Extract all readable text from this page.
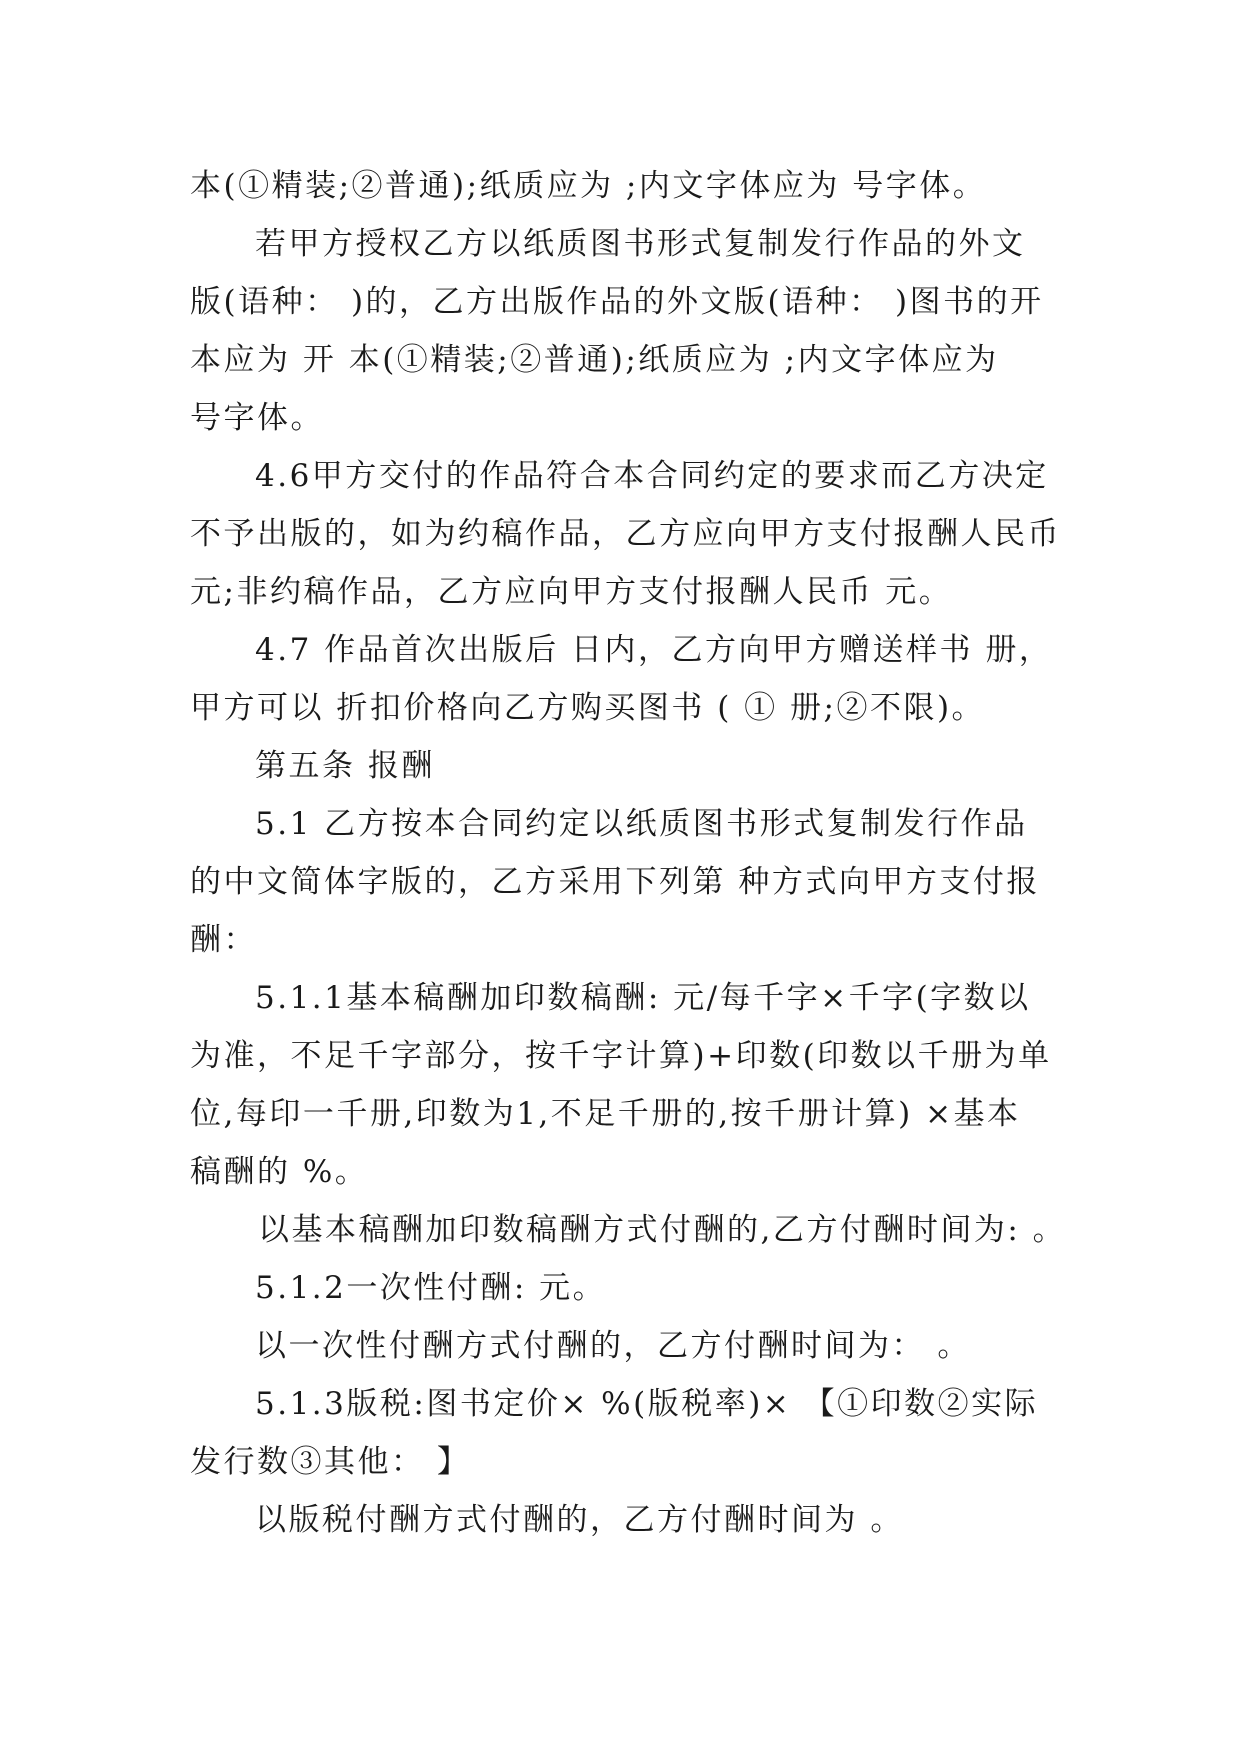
本(①精装;②普通);纸质应为 ;内文字体应为 号字体。
若甲方授权乙方以纸质图书形式复制发行作品的外文
版(语种： )的，乙方出版作品的外文版(语种： )图书的开
本应为 开 本(①精装;②普通);纸质应为 ;内文字体应为
号字体。
4.6甲方交付的作品符合本合同约定的要求而乙方决定
不予出版的，如为约稿作品，乙方应向甲方支付报酬人民币
元;非约稿作品，乙方应向甲方支付报酬人民币 元。
4.7 作品首次出版后 日内，乙方向甲方赠送样书 册，
甲方可以 折扣价格向乙方购买图书 ( ① 册;②不限)。
第五条 报酬
5.1 乙方按本合同约定以纸质图书形式复制发行作品
的中文简体字版的，乙方采用下列第 种方式向甲方支付报
酬：
5.1.1基本稿酬加印数稿酬: 元/每千字×千字(字数以
为准，不足千字部分，按千字计算)+印数(印数以千册为单
位,每印一千册,印数为1,不足千册的,按千册计算) ×基本
稿酬的 %。
以基本稿酬加印数稿酬方式付酬的,乙方付酬时间为: 。
5.1.2一次性付酬: 元。
以一次性付酬方式付酬的，乙方付酬时间为： 。
5.1.3版税:图书定价× %(版税率)× 【①印数②实际
发行数③其他： 】
以版税付酬方式付酬的，乙方付酬时间为 。
